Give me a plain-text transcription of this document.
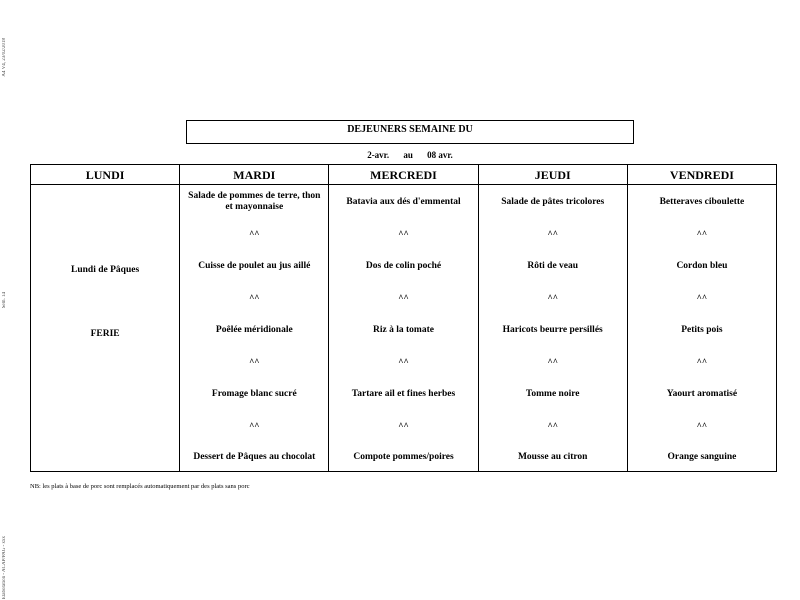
A4 V4, 23/02/2018
Sem. 14
Elaboration - ACAP/PAG - xxx
DEJEUNERS SEMAINE DU
2-avr. au 08 avr.
LUNDI
Lundi de Pâques
FERIE
MARDI
Salade de pommes de terre, thon et mayonnaise
^^
Cuisse de poulet au jus aillé
^^
Poêlée méridionale
^^
Fromage blanc sucré
^^
Dessert de Pâques au chocolat
MERCREDI
Batavia aux dés d'emmental
^^
Dos de colin poché
^^
Riz à la tomate
^^
Tartare ail et fines herbes
^^
Compote pommes/poires
JEUDI
Salade de pâtes tricolores
^^
Rôti de veau
^^
Haricots beurre persillés
^^
Tomme noire
^^
Mousse au citron
VENDREDI
Betteraves ciboulette
^^
Cordon bleu
^^
Petits pois
^^
Yaourt aromatisé
^^
Orange sanguine
NB: les plats à base de porc sont remplacés automatiquement par des plats sans porc
